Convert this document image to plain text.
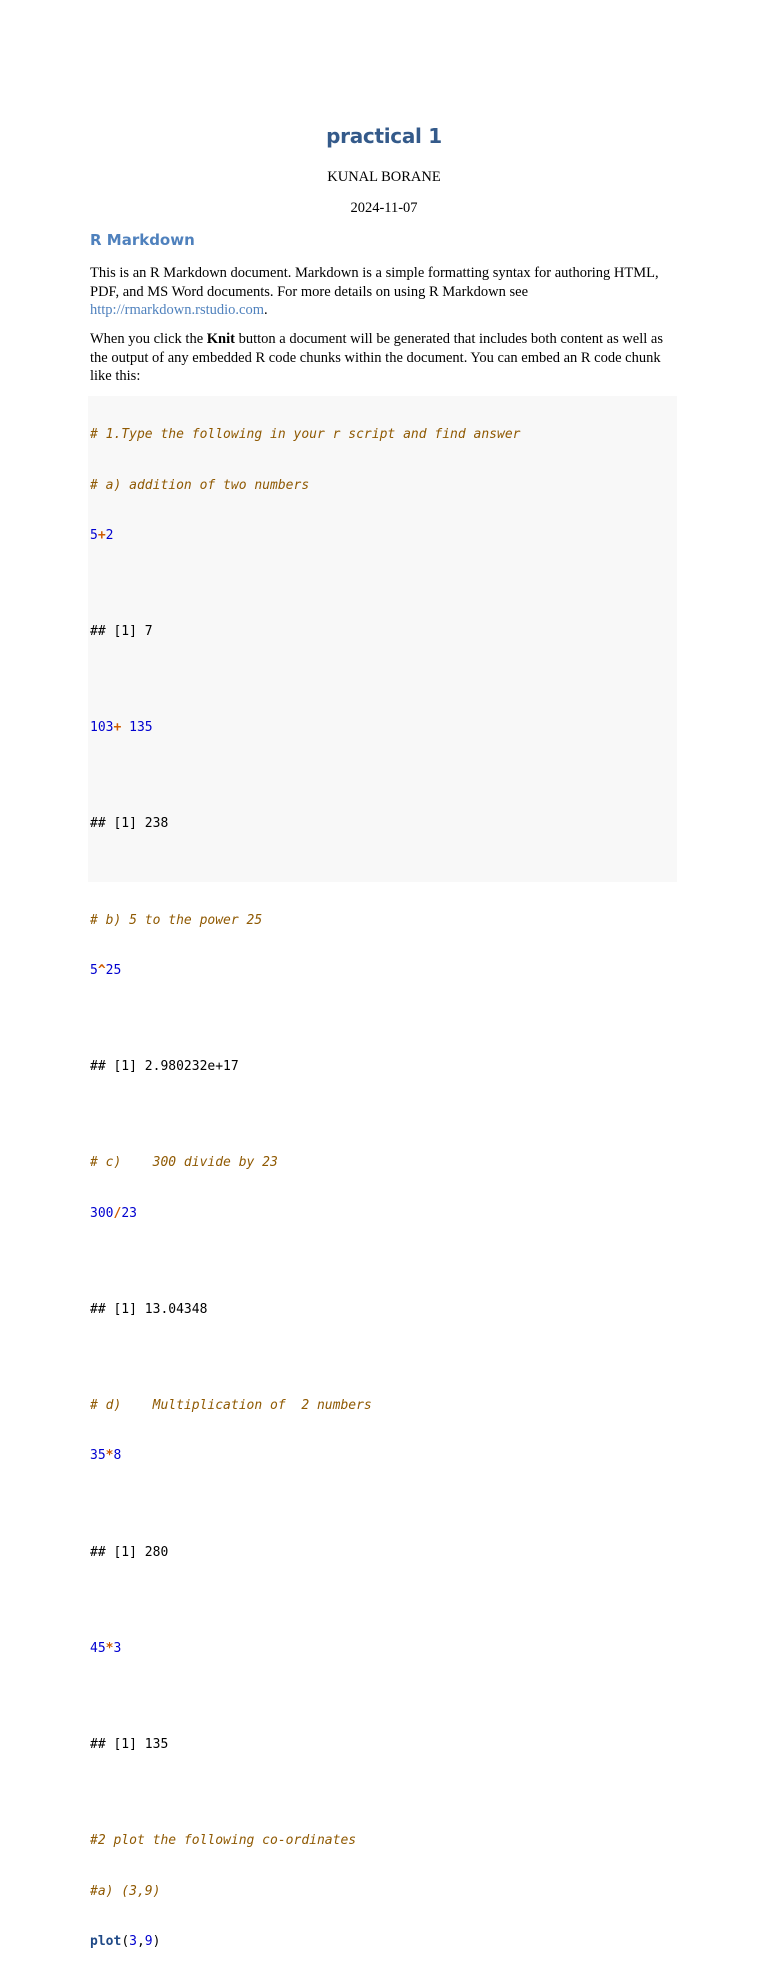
practical 1
KUNAL BORANE
2024-11-07
R Markdown
This is an R Markdown document. Markdown is a simple formatting syntax for authoring HTML, PDF, and MS Word documents. For more details on using R Markdown see http://rmarkdown.rstudio.com.
When you click the Knit button a document will be generated that includes both content as well as the output of any embedded R code chunks within the document. You can embed an R code chunk like this:

# 1.Type the following in your r script and find answer

# a) addition of two numbers

5+2

## [1] 7

103+ 135

## [1] 238

# b) 5 to the power 25

5^25

## [1] 2.980232e+17

# c)    300 divide by 23

300/23

## [1] 13.04348

# d)    Multiplication of  2 numbers

35*8

## [1] 280

45*3

## [1] 135

#2 plot the following co-ordinates

#a) (3,9)

plot(3,9)
